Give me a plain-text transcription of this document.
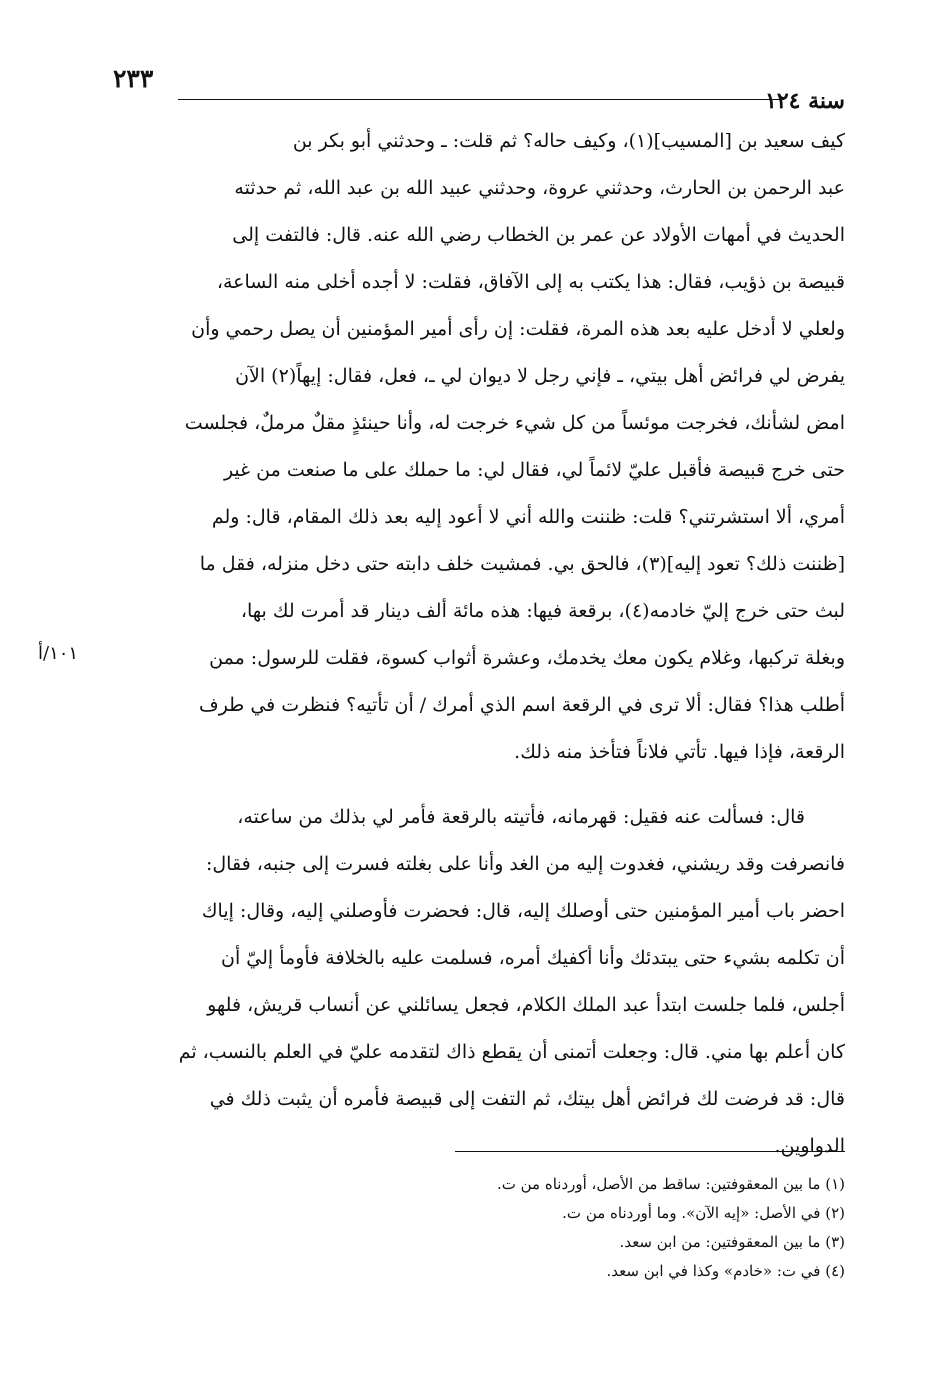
٢٣٣
سنة ١٢٤
١٠١/أ
كيف سعيد بن [المسيب](١)، وكيف حاله؟ ثم قلت: ـ وحدثني أبو بكر بن
عبد الرحمن بن الحارث، وحدثني عروة، وحدثني عبيد الله بن عبد الله، ثم حدثته
الحديث في أمهات الأولاد عن عمر بن الخطاب رضي الله عنه. قال: فالتفت إلى
قبيصة بن ذؤيب، فقال: هذا يكتب به إلى الآفاق، فقلت: لا أجده أخلى منه الساعة،
ولعلي لا أدخل عليه بعد هذه المرة، فقلت: إن رأى أمير المؤمنين أن يصل رحمي وأن
يفرض لي فرائض أهل بيتي، ـ فإني رجل لا ديوان لي ـ، فعل، فقال: إيهاً(٢) الآن
امض لشأنك، فخرجت موئساً من كل شيء خرجت له، وأنا حينئذٍ مقلٌ مرملٌ، فجلست
حتى خرج قبيصة فأقبل عليّ لائماً لي، فقال لي: ما حملك على ما صنعت من غير
أمري، ألا استشرتني؟ قلت: ظننت والله أني لا أعود إليه بعد ذلك المقام، قال: ولم
[ظننت ذلك؟ تعود إليه](٣)، فالحق بي. فمشيت خلف دابته حتى دخل منزله، فقل ما
لبث حتى خرج إليّ خادمه(٤)، برقعة فيها: هذه مائة ألف دينار قد أمرت لك بها،
وبغلة تركبها، وغلام يكون معك يخدمك، وعشرة أثواب كسوة، فقلت للرسول: ممن
أطلب هذا؟ فقال: ألا ترى في الرقعة اسم الذي أمرك / أن تأتيه؟ فنظرت في طرف
الرقعة، فإذا فيها. تأتي فلاناً فتأخذ منه ذلك.
قال: فسألت عنه فقيل: قهرمانه، فأتيته بالرقعة فأمر لي بذلك من ساعته،
فانصرفت وقد ريشني، فغدوت إليه من الغد وأنا على بغلته فسرت إلى جنبه، فقال:
احضر باب أمير المؤمنين حتى أوصلك إليه، قال: فحضرت فأوصلني إليه، وقال: إياك
أن تكلمه بشيء حتى يبتدئك وأنا أكفيك أمره، فسلمت عليه بالخلافة فأومأ إليّ أن
أجلس، فلما جلست ابتدأ عبد الملك الكلام، فجعل يسائلني عن أنساب قريش، فلهو
كان أعلم بها مني. قال: وجعلت أتمنى أن يقطع ذاك لتقدمه عليّ في العلم بالنسب، ثم
قال: قد فرضت لك فرائض أهل بيتك، ثم التفت إلى قبيصة فأمره أن يثبت ذلك في
الدواوين.
(١) ما بين المعقوفتين: ساقط من الأصل، أوردناه من ت.
(٢) في الأصل: «إيه الآن». وما أوردناه من ت.
(٣) ما بين المعقوفتين: من ابن سعد.
(٤) في ت: «خادم» وكذا في ابن سعد.
